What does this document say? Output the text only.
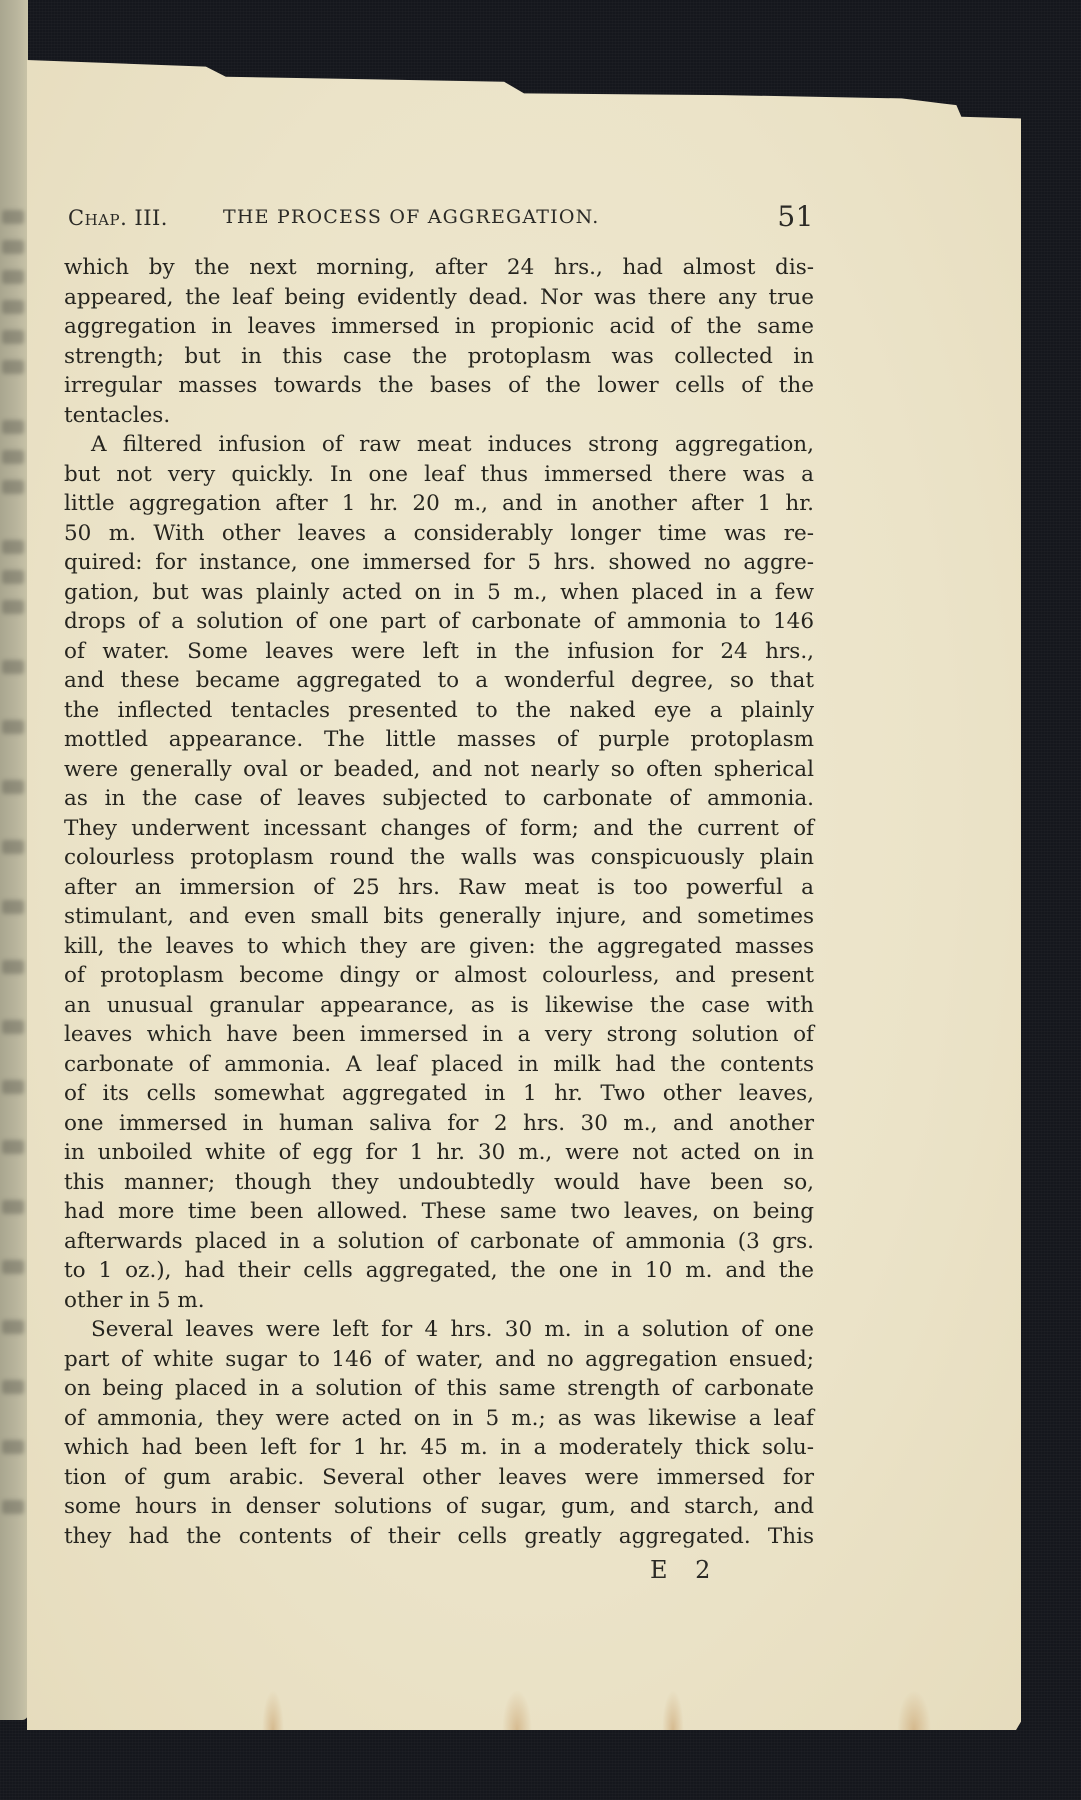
Chap. III.	THE PROCESS OF AGGREGATION.	51
which by the next morning, after 24 hrs., had almost dis-
appeared, the leaf being evidently dead. Nor was there any true
aggregation in leaves immersed in propionic acid of the same
strength; but in this case the protoplasm was collected in
irregular masses towards the bases of the lower cells of the
tentacles.
A filtered infusion of raw meat induces strong aggregation,
but not very quickly. In one leaf thus immersed there was a
little aggregation after 1 hr. 20 m., and in another after 1 hr.
50 m. With other leaves a considerably longer time was re-
quired: for instance, one immersed for 5 hrs. showed no aggre-
gation, but was plainly acted on in 5 m., when placed in a few
drops of a solution of one part of carbonate of ammonia to 146
of water. Some leaves were left in the infusion for 24 hrs.,
and these became aggregated to a wonderful degree, so that
the inflected tentacles presented to the naked eye a plainly
mottled appearance. The little masses of purple protoplasm
were generally oval or beaded, and not nearly so often spherical
as in the case of leaves subjected to carbonate of ammonia.
They underwent incessant changes of form; and the current of
colourless protoplasm round the walls was conspicuously plain
after an immersion of 25 hrs. Raw meat is too powerful a
stimulant, and even small bits generally injure, and sometimes
kill, the leaves to which they are given: the aggregated masses
of protoplasm become dingy or almost colourless, and present
an unusual granular appearance, as is likewise the case with
leaves which have been immersed in a very strong solution of
carbonate of ammonia. A leaf placed in milk had the contents
of its cells somewhat aggregated in 1 hr. Two other leaves,
one immersed in human saliva for 2 hrs. 30 m., and another
in unboiled white of egg for 1 hr. 30 m., were not acted on in
this manner; though they undoubtedly would have been so,
had more time been allowed. These same two leaves, on being
afterwards placed in a solution of carbonate of ammonia (3 grs.
to 1 oz.), had their cells aggregated, the one in 10 m. and the
other in 5 m.
Several leaves were left for 4 hrs. 30 m. in a solution of one
part of white sugar to 146 of water, and no aggregation ensued;
on being placed in a solution of this same strength of carbonate
of ammonia, they were acted on in 5 m.; as was likewise a leaf
which had been left for 1 hr. 45 m. in a moderately thick solu-
tion of gum arabic. Several other leaves were immersed for
some hours in denser solutions of sugar, gum, and starch, and
they had the contents of their cells greatly aggregated. This
E 2
